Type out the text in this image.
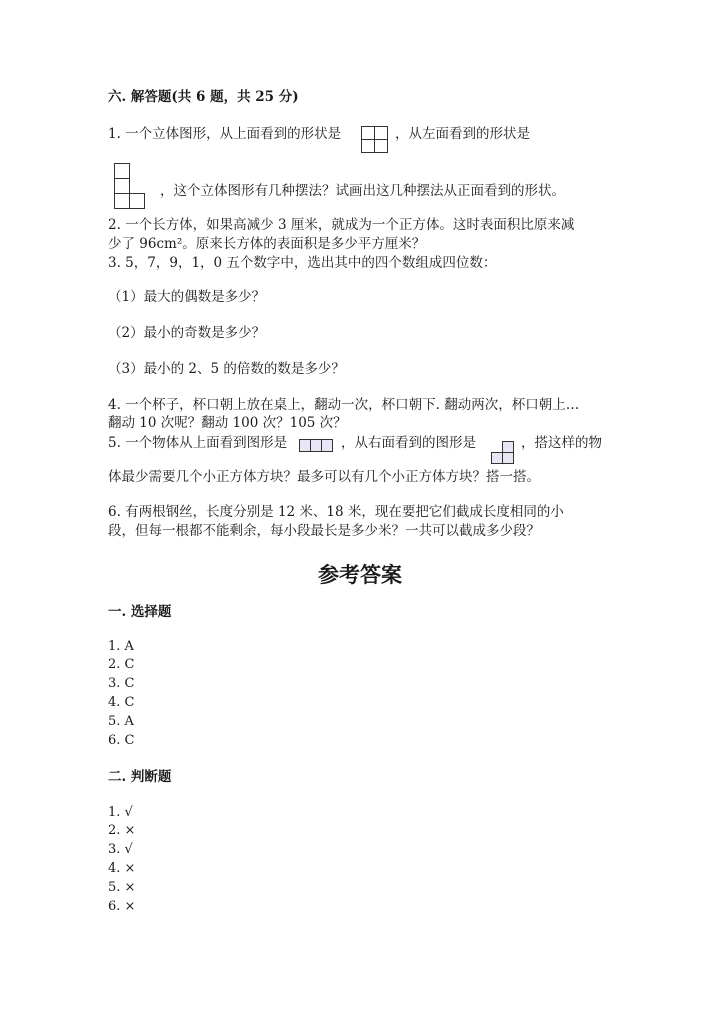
六. 解答题(共 6 题，共 25 分)
1. 一个立体图形，从上面看到的形状是	，从左面看到的形状是
，这个立体图形有几种摆法？试画出这几种摆法从正面看到的形状。
2. 一个长方体，如果高减少 3 厘米，就成为一个正方体。这时表面积比原来减
少了 96cm²。原来长方体的表面积是多少平方厘米？
3. 5，7，9，1，0 五个数字中，选出其中的四个数组成四位数：
（1）最大的偶数是多少？
（2）最小的奇数是多少？
（3）最小的 2、5 的倍数的数是多少？
4. 一个杯子，杯口朝上放在桌上，翻动一次，杯口朝下. 翻动两次，杯口朝上…
翻动 10 次呢？翻动 100 次？105 次？
5. 一个物体从上面看到图形是	，从右面看到的图形是	，搭这样的物
体最少需要几个小正方体方块？最多可以有几个小正方体方块？搭一搭。
6. 有两根钢丝，长度分别是 12 米、18 米，现在要把它们截成长度相同的小
段，但每一根都不能剩余，每小段最长是多少米？一共可以截成多少段？
参考答案
一. 选择题
1. A
2. C
3. C
4. C
5. A
6. C
二. 判断题
1. √
2. ×
3. √
4. ×
5. ×
6. ×
